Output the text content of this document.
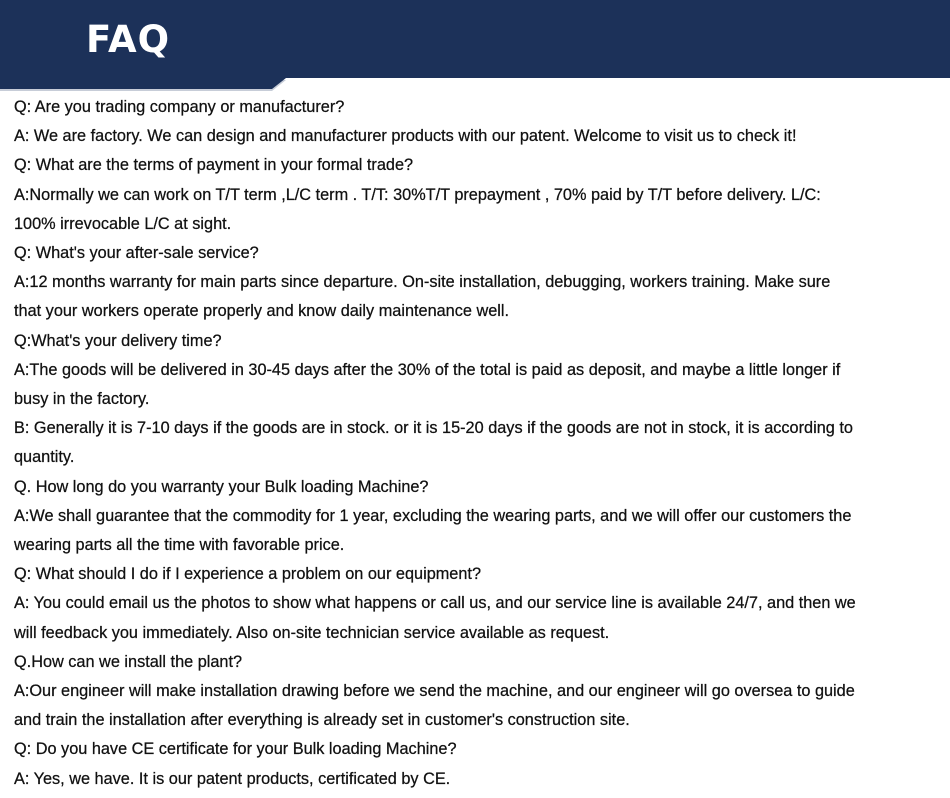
FAQ

Q: Are you trading company or manufacturer?

A: We are factory. We can design and manufacturer products with our patent. Welcome to visit us to check it!

Q: What are the terms of payment in your formal trade?

A:Normally we can work on T/T term ,L/C term . T/T: 30%T/T prepayment , 70% paid by T/T before delivery. L/C:

100% irrevocable L/C at sight.

Q: What's your after-sale service?

A:12 months warranty for main parts since departure. On-site installation, debugging, workers training. Make sure

that your workers operate properly and know daily maintenance well.

Q:What's your delivery time?

A:The goods will be delivered in 30-45 days after the 30% of the total is paid as deposit, and maybe a little longer if

busy in the factory.

B: Generally it is 7-10 days if the goods are in stock. or it is 15-20 days if the goods are not in stock, it is according to

quantity.

Q. How long do you warranty your Bulk loading Machine?

A:We shall guarantee that the commodity for 1 year, excluding the wearing parts, and we will offer our customers the

wearing parts all the time with favorable price.

Q: What should I do if I experience a problem on our equipment?

A: You could email us the photos to show what happens or call us, and our service line is available 24/7, and then we

will feedback you immediately. Also on-site technician service available as request.

Q.How can we install the plant?

A:Our engineer will make installation drawing before we send the machine, and our engineer will go oversea to guide

and train the installation after everything is already set in customer's construction site.

Q: Do you have CE certificate for your Bulk loading Machine?

A: Yes, we have. It is our patent products, certificated by CE.
